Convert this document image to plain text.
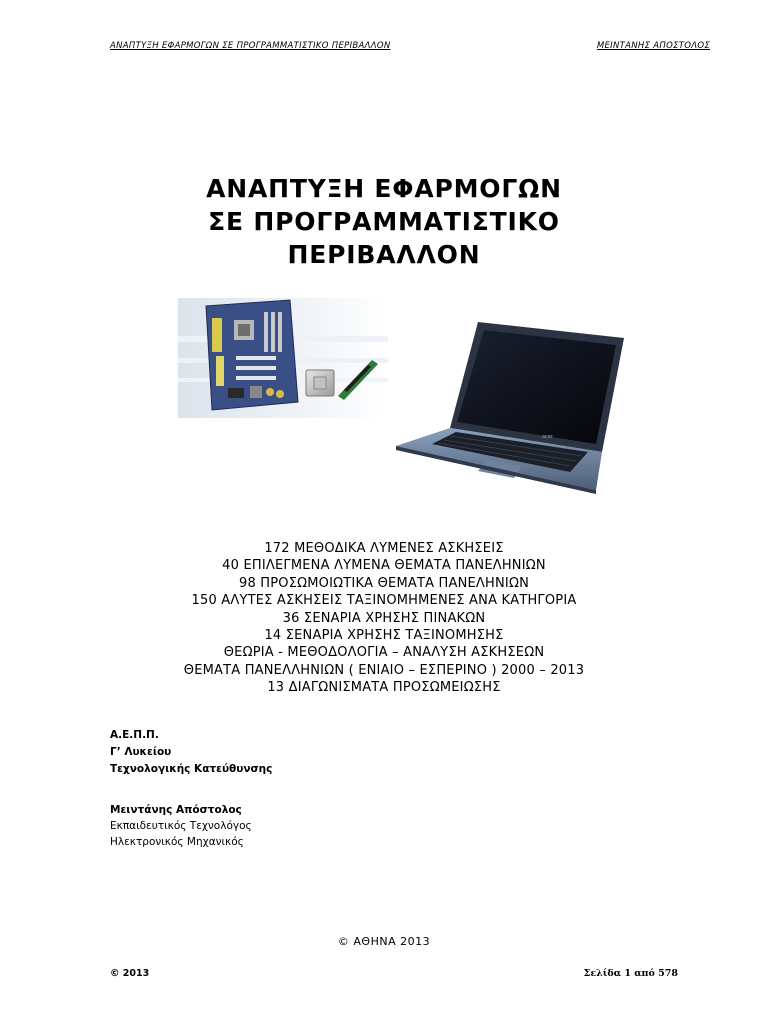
ΑΝΑΠΤΥΞΗ ΕΦΑΡΜΟΓΩΝ ΣΕ ΠΡΟΓΡΑΜΜΑΤΙΣΤΙΚΟ ΠΕΡΙΒΑΛΛΟΝ	ΜΕΙΝΤΑΝΗΣ ΑΠΟΣΤΟΛΟΣ
ΑΝΑΠΤΥΞΗ ΕΦΑΡΜΟΓΩΝ
ΣΕ ΠΡΟΓΡΑΜΜΑΤΙΣΤΙΚΟ
ΠΕΡΙΒΑΛΛΟΝ
acer
172 ΜΕΘΟΔΙΚΑ ΛΥΜΕΝΕΣ ΑΣΚΗΣΕΙΣ
40 ΕΠΙΛΕΓΜΕΝΑ ΛΥΜΕΝΑ ΘΕΜΑΤΑ ΠΑΝΕΛΗΝΙΩΝ
98 ΠΡΟΣΩΜΟΙΩΤΙΚΑ ΘΕΜΑΤΑ ΠΑΝΕΛΗΝΙΩΝ
150 ΑΛΥΤΕΣ ΑΣΚΗΣΕΙΣ ΤΑΞΙΝΟΜΗΜΕΝΕΣ ΑΝΑ ΚΑΤΗΓΟΡΙΑ
36 ΣΕΝΑΡΙΑ ΧΡΗΣΗΣ ΠΙΝΑΚΩΝ
14 ΣΕΝΑΡΙΑ ΧΡΗΣΗΣ ΤΑΞΙΝΟΜΗΣΗΣ
ΘΕΩΡΙΑ - ΜΕΘΟΔΟΛΟΓΙΑ – ΑΝΑΛΥΣΗ ΑΣΚΗΣΕΩΝ
ΘΕΜΑΤΑ ΠΑΝΕΛΛΗΝΙΩΝ ( ΕΝΙΑΙΟ – ΕΣΠΕΡΙΝΟ ) 2000 – 2013
13 ΔΙΑΓΩΝΙΣΜΑΤΑ ΠΡΟΣΩΜΕΙΩΣΗΣ
Α.Ε.Π.Π.
Γ’ Λυκείου
Τεχνολογικής Κατεύθυνσης
Μειντάνης Απόστολος
Εκπαιδευτικός Τεχνολόγος
Ηλεκτρονικός Μηχανικός
© ΑΘΗΝΑ 2013
© 2013	Σελίδα 1 από 578
